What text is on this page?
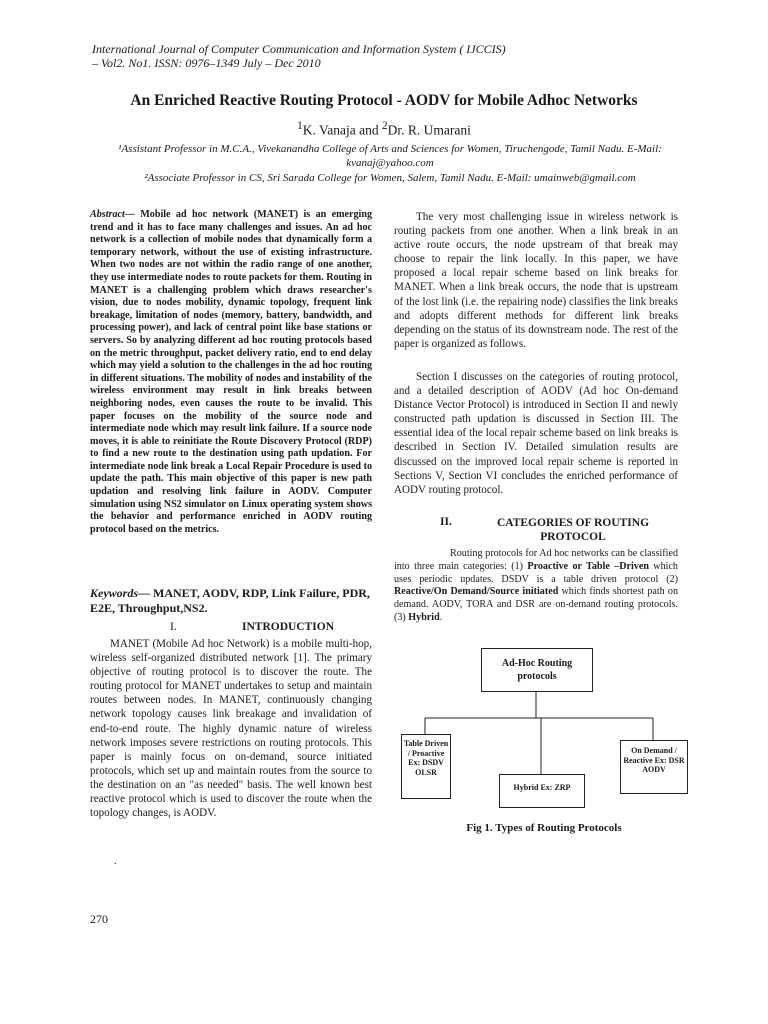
International Journal of Computer Communication and Information System ( IJCCIS)
– Vol2. No1. ISSN: 0976–1349 July – Dec 2010
An Enriched Reactive Routing Protocol - AODV for Mobile Adhoc Networks
$^1$K. Vanaja and $^2$Dr. R. Umarani
¹Assistant Professor in M.C.A., Vivekanandha College of Arts and Sciences for Women, Tiruchengode, Tamil Nadu. E-Mail: kvanaj@yahoo.com
²Associate Professor in CS, Sri Sarada College for Women, Salem, Tamil Nadu. E-Mail: umainweb@gmail.com
Abstract— Mobile ad hoc network (MANET) is an emerging trend and it has to face many challenges and issues. An ad hoc network is a collection of mobile nodes that dynamically form a temporary network, without the use of existing infrastructure. When two nodes are not within the radio range of one another, they use intermediate nodes to route packets for them. Routing in MANET is a challenging problem which draws researcher's vision, due to nodes mobility, dynamic topology, frequent link breakage, limitation of nodes (memory, battery, bandwidth, and processing power), and lack of central point like base stations or servers. So by analyzing different ad hoc routing protocols based on the metric throughput, packet delivery ratio, end to end delay which may yield a solution to the challenges in the ad hoc routing in different situations. The mobility of nodes and instability of the wireless environment may result in link breaks between neighboring nodes, even causes the route to be invalid. This paper focuses on the mobility of the source node and intermediate node which may result link failure. If a source node moves, it is able to reinitiate the Route Discovery Protocol (RDP) to find a new route to the destination using path updation. For intermediate node link break a Local Repair Procedure is used to update the path. This main objective of this paper is new path updation and resolving link failure in AODV. Computer simulation using NS2 simulator on Linux operating system shows the behavior and performance enriched in AODV routing protocol based on the metrics.
Keywords— MANET, AODV, RDP, Link Failure, PDR, E2E, Throughput,NS2.
I.	INTRODUCTION

MANET (Mobile Ad hoc Network) is a mobile multi-hop, wireless self-organized distributed network [1]. The primary objective of routing protocol is to discover the route. The routing protocol for MANET undertakes to setup and maintain routes between nodes. In MANET, continuously changing network topology causes link breakage and invalidation of end-to-end route. The highly dynamic nature of wireless network imposes severe restrictions on routing protocols. This paper is mainly focus on on-demand, source initiated protocols, which set up and maintain routes from the source to the destination on an "as needed" basis. The well known best reactive protocol which is used to discover the route when the topology changes, is AODV.

.

The very most challenging issue in wireless network is routing packets from one another. When a link break in an active route occurs, the node upstream of that break may choose to repair the link locally. In this paper, we have proposed a local repair scheme based on link breaks for MANET. When a link break occurs, the node that is upstream of the lost link (i.e. the repairing node) classifies the link breaks and adopts different methods for different link breaks depending on the status of its downstream node. The rest of the paper is organized as follows.

Section I discusses on the categories of routing protocol, and a detailed description of AODV (Ad hoc On-demand Distance Vector Protocol) is introduced in Section II and newly constructed path updation is discussed in Section III. The essential idea of the local repair scheme based on link breaks is described in Section IV. Detailed simulation results are discussed on the improved local repair scheme is reported in Sections V, Section VI concludes the enriched performance of AODV routing protocol.

II.	CATEGORIES OF ROUTING PROTOCOL

Routing protocols for Ad hoc networks can be classified into three main categories: (1) Proactive or Table –Driven which uses periodic updates. DSDV is a table driven protocol (2) Reactive/On Demand/Source initiated which finds shortest path on demand. AODV, TORA and DSR are on-demand routing protocols. (3) Hybrid.

Ad-Hoc Routing protocols
Table Driven / Proactive Ex: DSDV OLSR
Hybrid Ex: ZRP
On Demand / Reactive Ex: DSR AODV
Fig 1. Types of Routing Protocols
270
